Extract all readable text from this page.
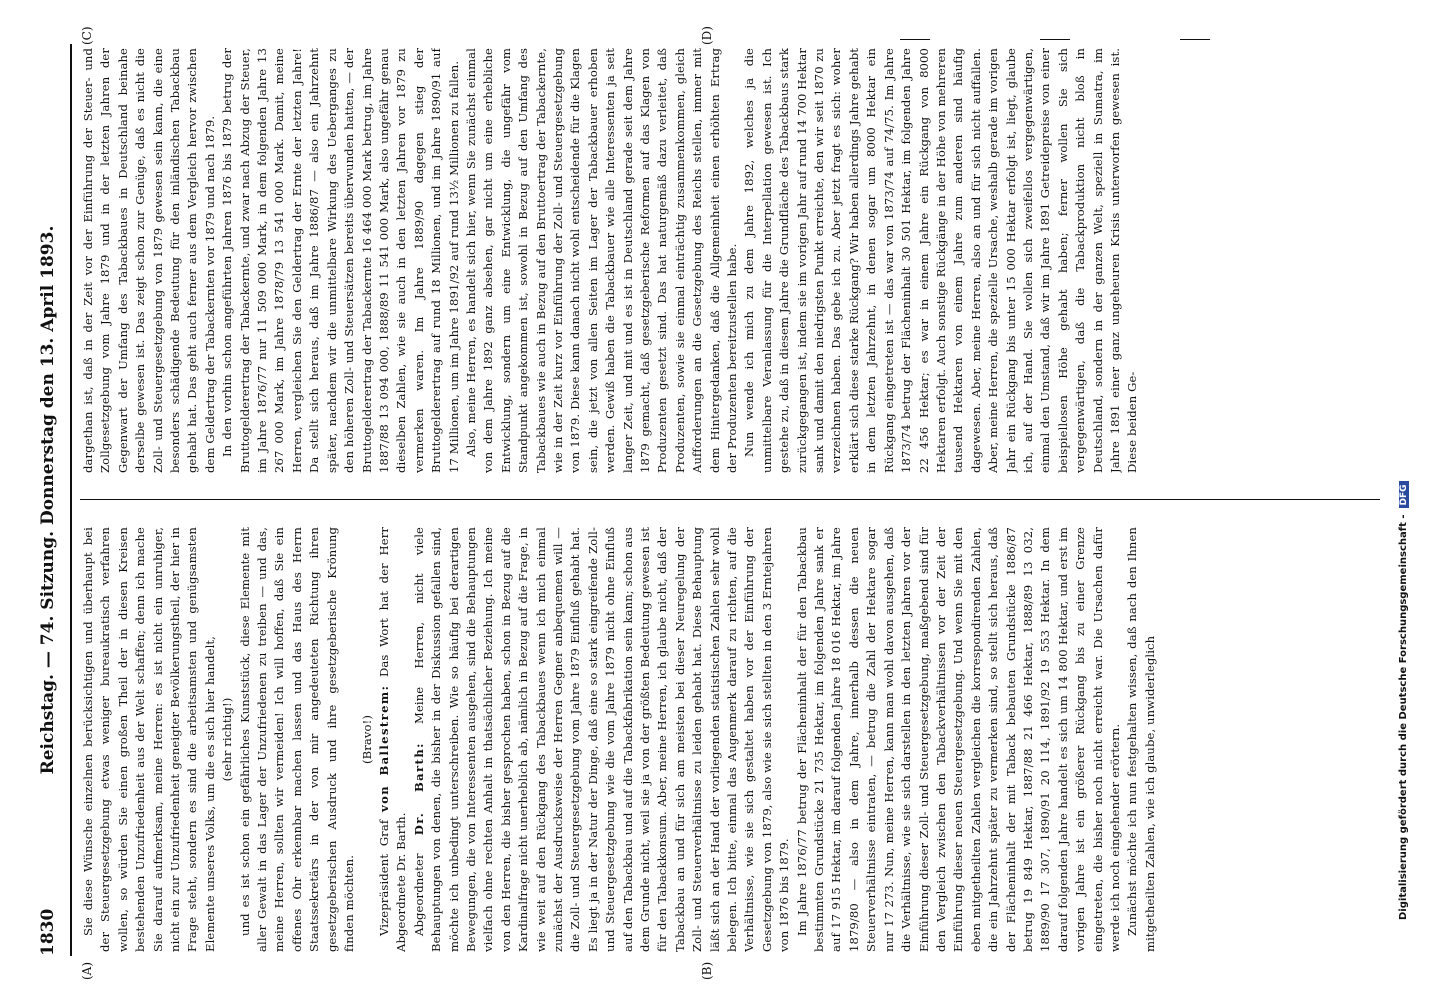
1830
Reichstag. — 74. Sitzung. Donnerstag den 13. April 1893.
(A)	(B)
(C)	(D)

Sie diese Wünsche einzelnen berücksichtigen und überhaupt bei der Steuergesetzgebung etwas weniger bureaukratisch verfahren wollen, so würden Sie einen großen Theil der in diesen Kreisen bestehenden Unzufriedenheit aus der Welt schaffen; denn ich mache Sie darauf aufmerksam, meine Herren: es ist nicht ein unruhiger, nicht ein zur Unzufriedenheit geneigter Bevölkerungstheil, der hier in Frage steht, sondern es sind die arbeitsamsten und genügsamsten Elemente unseres Volks, um die es sich hier handelt, (sehr richtig!) und es ist schon ein gefährliches Kunststück, diese Elemente mit aller Gewalt in das Lager der Unzufriedenen zu treiben — und das, meine Herren, sollten wir vermeiden! Ich will hoffen, daß Sie ein offenes Ohr erkennbar machen lassen und das Haus des Herrn Staatssekretärs in der von mir angedeuteten Richtung ihren gesetzgeberischen Ausdruck und ihre gesetzgeberische Krönung finden möchten.

(Bravo!)

Vizepräsident Graf von Ballestrem: Das Wort hat der Herr Abgeordnete Dr. Barth. Abgeordneter Dr. Barth: Meine Herren, nicht viele Behauptungen von denen, die bisher in der Diskussion gefallen sind, möchte ich unbedingt unterschreiben. Wie so häufig bei derartigen Bewegungen, die von Interessenten ausgehen, sind die Behauptungen vielfach ohne rechten Anhalt in thatsächlicher Beziehung. Ich meine von den Herren, die bisher gesprochen haben, schon in Bezug auf die Kardinalfrage nicht unerheblich ab, nämlich in Bezug auf die Frage, in wie weit auf den Rückgang des Tabackbaues wenn ich mich einmal zunächst der Ausdrucksweise der Herren Gegner anbequemen will — die Zoll- und Steuergesetzgebung vom Jahre 1879 Einfluß gehabt hat. Es liegt ja in der Natur der Dinge, daß eine so stark eingreifende Zoll- und Steuergesetzgebung wie die vom Jahre 1879 nicht ohne Einfluß auf den Tabackbau und auf die Tabackfabrikation sein kann; schon aus dem Grunde nicht, weil sie ja von der größten Bedeutung gewesen ist für den Tabackkonsum. Aber, meine Herren, ich glaube nicht, daß der Tabackbau an und für sich am meisten bei dieser Neuregelung der Zoll- und Steuerverhältnisse zu leiden gehabt hat. Diese Behauptung läßt sich an der Hand der vorliegenden statistischen Zahlen sehr wohl belegen. Ich bitte, einmal das Augenmerk darauf zu richten, auf die Verhältnisse, wie sie sich gestaltet haben vor der Einführung der Gesetzgebung von 1879, also wie sie sich stellten in den 3 Erntejahren von 1876 bis 1879. Im Jahre 1876/77 betrug der Flächeninhalt der für den Tabackbau bestimmten Grundstücke 21 735 Hektar, im folgenden Jahre sank er auf 17 915 Hektar, im darauf folgenden Jahre 18 016 Hektar, im Jahre 1879/80 — also in dem Jahre, innerhalb dessen die neuen Steuerverhältnisse eintraten, — betrug die Zahl der Hektare sogar nur 17 273. Nun, meine Herren, kann man wohl davon ausgehen, daß die Verhältnisse, wie sie sich darstellen in den letzten Jahren vor der Einführung dieser Zoll- und Steuergesetzgebung, maßgebend sind für den Vergleich zwischen den Tabackverhältnissen vor der Zeit der Einführung dieser neuen Steuergesetzgebung. Und wenn Sie mit den eben mitgetheilten Zahlen vergleichen die korrespondirenden Zahlen, die ein Jahrzehnt später zu vermerken sind, so stellt sich heraus, daß der Flächeninhalt der mit Taback bebauten Grundstücke 1886/87 betrug 19 849 Hektar, 1887/88 21 466 Hektar, 1888/89 13 032, 1889/90 17 307, 1890/91 20 114, 1891/92 19 553 Hektar. In dem darauf folgenden Jahre handelt es sich um 14 800 Hektar, und erst im vorigen Jahre ist ein größerer Rückgang bis zu einer Grenze eingetreten, die bisher noch nicht erreicht war. Die Ursachen dafür werde ich noch eingehender erörtern. Zunächst möchte ich nun festgehalten wissen, daß nach den Ihnen mitgetheilten Zahlen, wie ich glaube, unwiderleglich

dargethan ist, daß in der Zeit vor der Einführung der Steuer- und Zollgesetzgebung vom Jahre 1879 und in der letzten Jahren der Gegenwart der Umfang des Tabackbaues in Deutschland beinahe derselbe gewesen ist. Das zeigt schon zur Genüge, daß es nicht die Zoll- und Steuergesetzgebung von 1879 gewesen sein kann, die eine besonders schädigende Bedeutung für den inländischen Tabackbau gehabt hat. Das geht auch ferner aus dem Vergleich hervor zwischen dem Geldertrag der Tabackernten vor 1879 und nach 1879. In den vorhin schon angeführten Jahren 1876 bis 1879 betrug der Bruttogelderertrag der Tabackernte, und zwar nach Abzug der Steuer, im Jahre 1876/77 nur 11 509 000 Mark, in dem folgenden Jahre 13 267 000 Mark, im Jahre 1878/79 13 541 000 Mark. Damit, meine Herren, vergleichen Sie den Geldertrag der Ernte der letzten Jahre! Da stellt sich heraus, daß im Jahre 1886/87 — also ein Jahrzehnt später, nachdem wir die unmittelbare Wirkung des Ueberganges zu den höheren Zoll- und Steuersätzen bereits überwunden hatten, — der Bruttogelderertrag der Tabackernte 16 464 000 Mark betrug, im Jahre 1887/88 13 094 000, 1888/89 11 541 000 Mark, also ungefähr genau dieselben Zahlen, wie sie auch in den letzten Jahren vor 1879 zu vermerken waren. Im Jahre 1889/90 dagegen stieg der Bruttogelderertrag auf rund 18 Millionen, und im Jahre 1890/91 auf 17 Millionen, um im Jahre 1891/92 auf rund 13½ Millionen zu fallen. Also, meine Herren, es handelt sich hier, wenn Sie zunächst einmal von dem Jahre 1892 ganz absehen, gar nicht um eine erhebliche Entwicklung, sondern um eine Entwicklung, die ungefähr vom Standpunkt angekommen ist, sowohl in Bezug auf den Umfang des Tabackbaues wie auch in Bezug auf den Bruttoertrag der Tabackernte, wie in der Zeit kurz vor Einführung der Zoll- und Steuergesetzgebung von 1879. Diese kann danach nicht wohl entscheidende für die Klagen sein, die jetzt von allen Seiten im Lager der Tabackbauer erhoben werden. Gewiß haben die Tabackbauer wie alle Interessenten ja seit langer Zeit, und mit und es ist in Deutschland gerade seit dem Jahre 1879 gemacht, daß gesetzgeberische Reformen auf das Klagen von Produzenten gesetzt sind. Das hat naturgemäß dazu verleitet, daß Produzenten, sowie sie einmal einträchtig zusammenkommen, gleich Aufforderungen an die Gesetzgebung des Reichs stellen, immer mit dem Hintergedanken, daß die Allgemeinheit einen erhöhten Ertrag der Produzenten bereitzustellen habe. Nun wende ich mich zu dem Jahre 1892, welches ja die unmittelbare Veranlassung für die Interpellation gewesen ist. Ich gestehe zu, daß in diesem Jahre die Grundfläche des Tabackbaus stark zurückgegangen ist, indem sie im vorigen Jahr auf rund 14 700 Hektar sank und damit den niedrigsten Punkt erreichte, den wir seit 1870 zu verzeichnen haben. Das gebe ich zu. Aber jetzt fragt es sich: woher erklärt sich diese starke Rückgang? Wir haben allerdings Jahre gehabt in dem letzten Jahrzehnt, in denen sogar um 8000 Hektar ein Rückgang eingetreten ist — das war von 1873/74 auf 74/75. Im Jahre 1873/74 betrug der Flächeninhalt 30 501 Hektar, im folgenden Jahre 22 456 Hektar; es war in einem Jahre ein Rückgang von 8000 Hektaren erfolgt. Auch sonstige Rückgänge in der Höhe von mehreren tausend Hektaren von einem Jahre zum anderen sind häufig dagewesen. Aber, meine Herren, also an und für sich nicht auffallen. Aber, meine Herren, die spezielle Ursache, weshalb gerade im vorigen Jahr ein Rückgang bis unter 15 000 Hektar erfolgt ist, liegt, glaube ich, auf der Hand. Sie wollen sich zweifellos vergegenwärtigen, einmal den Umstand, daß wir im Jahre 1891 Getreidepreise von einer beispiellosen Höhe gehabt haben; ferner wollen Sie sich vergegenwärtigen, daß die Tabackproduktion nicht bloß in Deutschland, sondern in der ganzen Welt, speziell in Sumatra, im Jahre 1891 einer ganz ungeheuren Krisis unterworfen gewesen ist. Diese beiden Ge-

Digitalisierung gefördert durch die Deutsche Forschungsgemeinschaft -DFG
